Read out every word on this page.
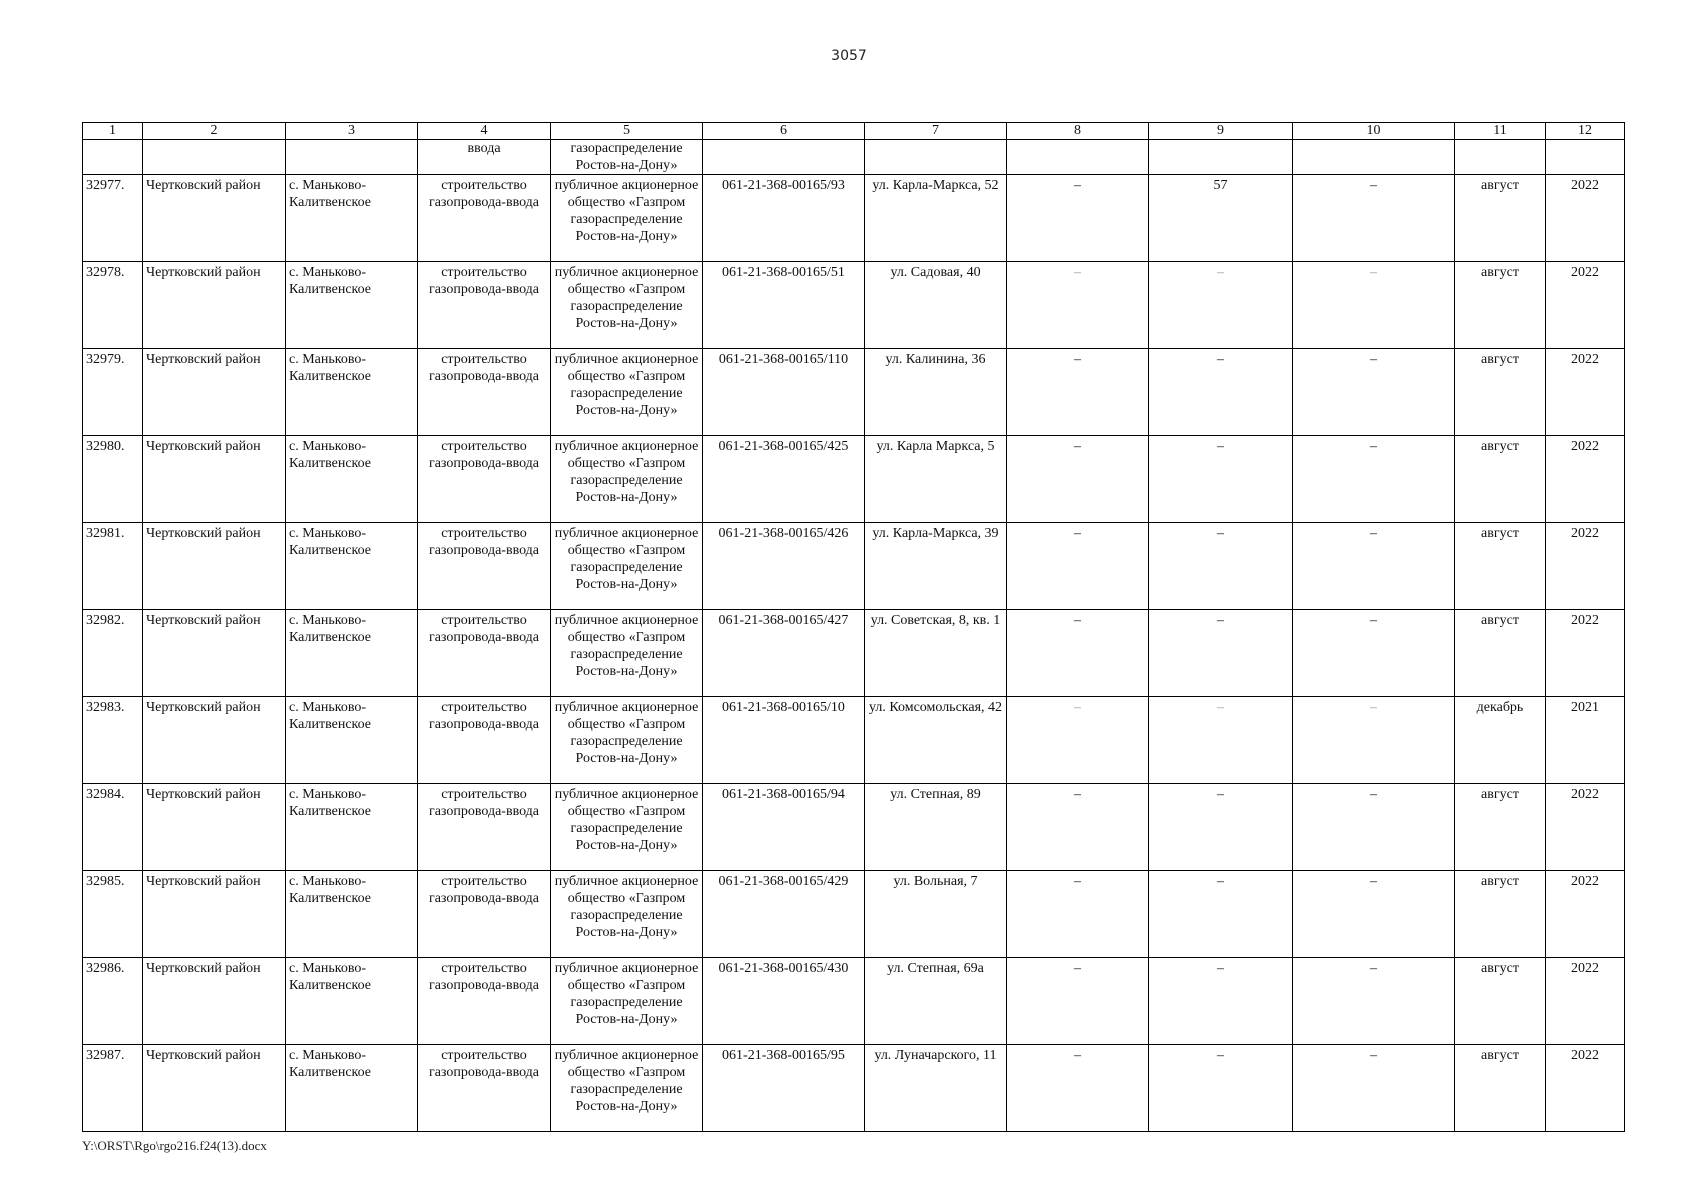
3057
1	2	3	4	5	6	7	8	9	10	11	12
			ввода	газораспределение
Ростов-на-Дону»							
32977.	Чертковский район	с. Маньково-Калитвенское	строительство газопровода-ввода	публичное акционерное общество «Газпром газораспределение Ростов-на-Дону»	061-21-368-00165/93	ул. Карла-Маркса, 52	–	57	–	август	2022
32978.	Чертковский район	с. Маньково-Калитвенское	строительство газопровода-ввода	публичное акционерное общество «Газпром газораспределение Ростов-на-Дону»	061-21-368-00165/51	ул. Садовая, 40	–	–	–	август	2022
32979.	Чертковский район	с. Маньково-Калитвенское	строительство газопровода-ввода	публичное акционерное общество «Газпром газораспределение Ростов-на-Дону»	061-21-368-00165/110	ул. Калинина, 36	–	–	–	август	2022
32980.	Чертковский район	с. Маньково-Калитвенское	строительство газопровода-ввода	публичное акционерное общество «Газпром газораспределение Ростов-на-Дону»	061-21-368-00165/425	ул. Карла Маркса, 5	–	–	–	август	2022
32981.	Чертковский район	с. Маньково-Калитвенское	строительство газопровода-ввода	публичное акционерное общество «Газпром газораспределение Ростов-на-Дону»	061-21-368-00165/426	ул. Карла-Маркса, 39	–	–	–	август	2022
32982.	Чертковский район	с. Маньково-Калитвенское	строительство газопровода-ввода	публичное акционерное общество «Газпром газораспределение Ростов-на-Дону»	061-21-368-00165/427	ул. Советская, 8, кв. 1	–	–	–	август	2022
32983.	Чертковский район	с. Маньково-Калитвенское	строительство газопровода-ввода	публичное акционерное общество «Газпром газораспределение Ростов-на-Дону»	061-21-368-00165/10	ул. Комсомольская, 42	–	–	–	декабрь	2021
32984.	Чертковский район	с. Маньково-Калитвенское	строительство газопровода-ввода	публичное акционерное общество «Газпром газораспределение Ростов-на-Дону»	061-21-368-00165/94	ул. Степная, 89	–	–	–	август	2022
32985.	Чертковский район	с. Маньково-Калитвенское	строительство газопровода-ввода	публичное акционерное общество «Газпром газораспределение Ростов-на-Дону»	061-21-368-00165/429	ул. Вольная, 7	–	–	–	август	2022
32986.	Чертковский район	с. Маньково-Калитвенское	строительство газопровода-ввода	публичное акционерное общество «Газпром газораспределение Ростов-на-Дону»	061-21-368-00165/430	ул. Степная, 69а	–	–	–	август	2022
32987.	Чертковский район	с. Маньково-Калитвенское	строительство газопровода-ввода	публичное акционерное общество «Газпром газораспределение Ростов-на-Дону»	061-21-368-00165/95	ул. Луначарского, 11	–	–	–	август	2022
Y:\ORST\Rgo\rgo216.f24(13).docx
